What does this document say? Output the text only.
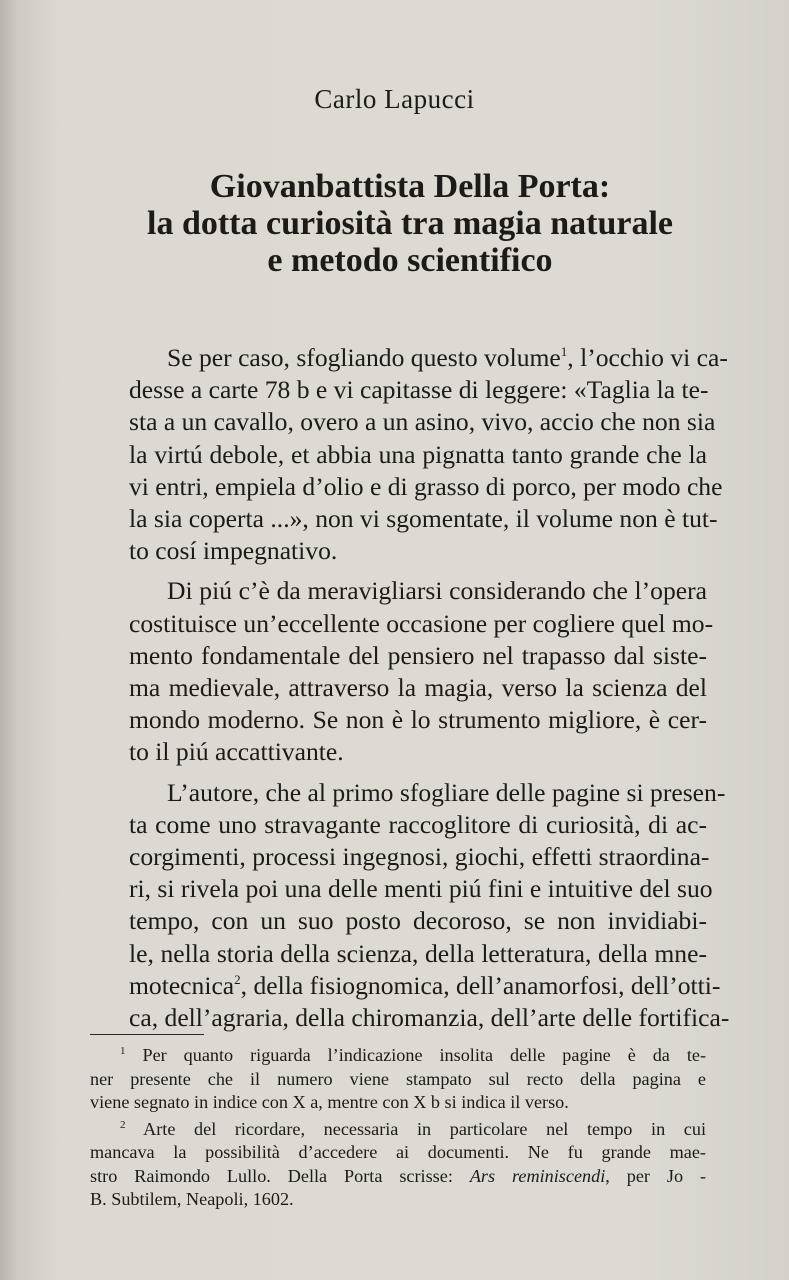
Carlo Lapucci
Giovanbattista Della Porta:
la dotta curiosità tra magia naturale
e metodo scientifico

Se per caso, sfogliando questo volume$^1$, l’occhio vi ca-
desse a carte 78 b e vi capitasse di leggere: «Taglia la te-
sta a un cavallo, overo a un asino, vivo, accio che non sia
la virtú debole, et abbia una pignatta tanto grande che la
vi entri, empiela d’olio e di grasso di porco, per modo che
la sia coperta ...», non vi sgomentate, il volume non è tut-
to cosí impegnativo.

Di piú c’è da meravigliarsi considerando che l’opera
costituisce un’eccellente occasione per cogliere quel mo-
mento fondamentale del pensiero nel trapasso dal siste-
ma medievale, attraverso la magia, verso la scienza del
mondo moderno. Se non è lo strumento migliore, è cer-
to il piú accattivante.

L’autore, che al primo sfogliare delle pagine si presen-
ta come uno stravagante raccoglitore di curiosità, di ac-
corgimenti, processi ingegnosi, giochi, effetti straordina-
ri, si rivela poi una delle menti piú fini e intuitive del suo
tempo, con un suo posto decoroso, se non invidiabi-
le, nella storia della scienza, della letteratura, della mne-
motecnica$^2$, della fisiognomica, dell’anamorfosi, dell’otti-
ca, dell’agraria, della chiromanzia, dell’arte delle fortifica-

$^1$ Per quanto riguarda l’indicazione insolita delle pagine è da te-
ner presente che il numero viene stampato sul recto della pagina e
viene segnato in indice con X a, mentre con X b si indica il verso.
$^2$ Arte del ricordare, necessaria in particolare nel tempo in cui
mancava la possibilità d’accedere ai documenti. Ne fu grande mae-
stro Raimondo Lullo. Della Porta scrisse: Ars reminiscendi, per Jo -
B. Subtilem, Neapoli, 1602.
